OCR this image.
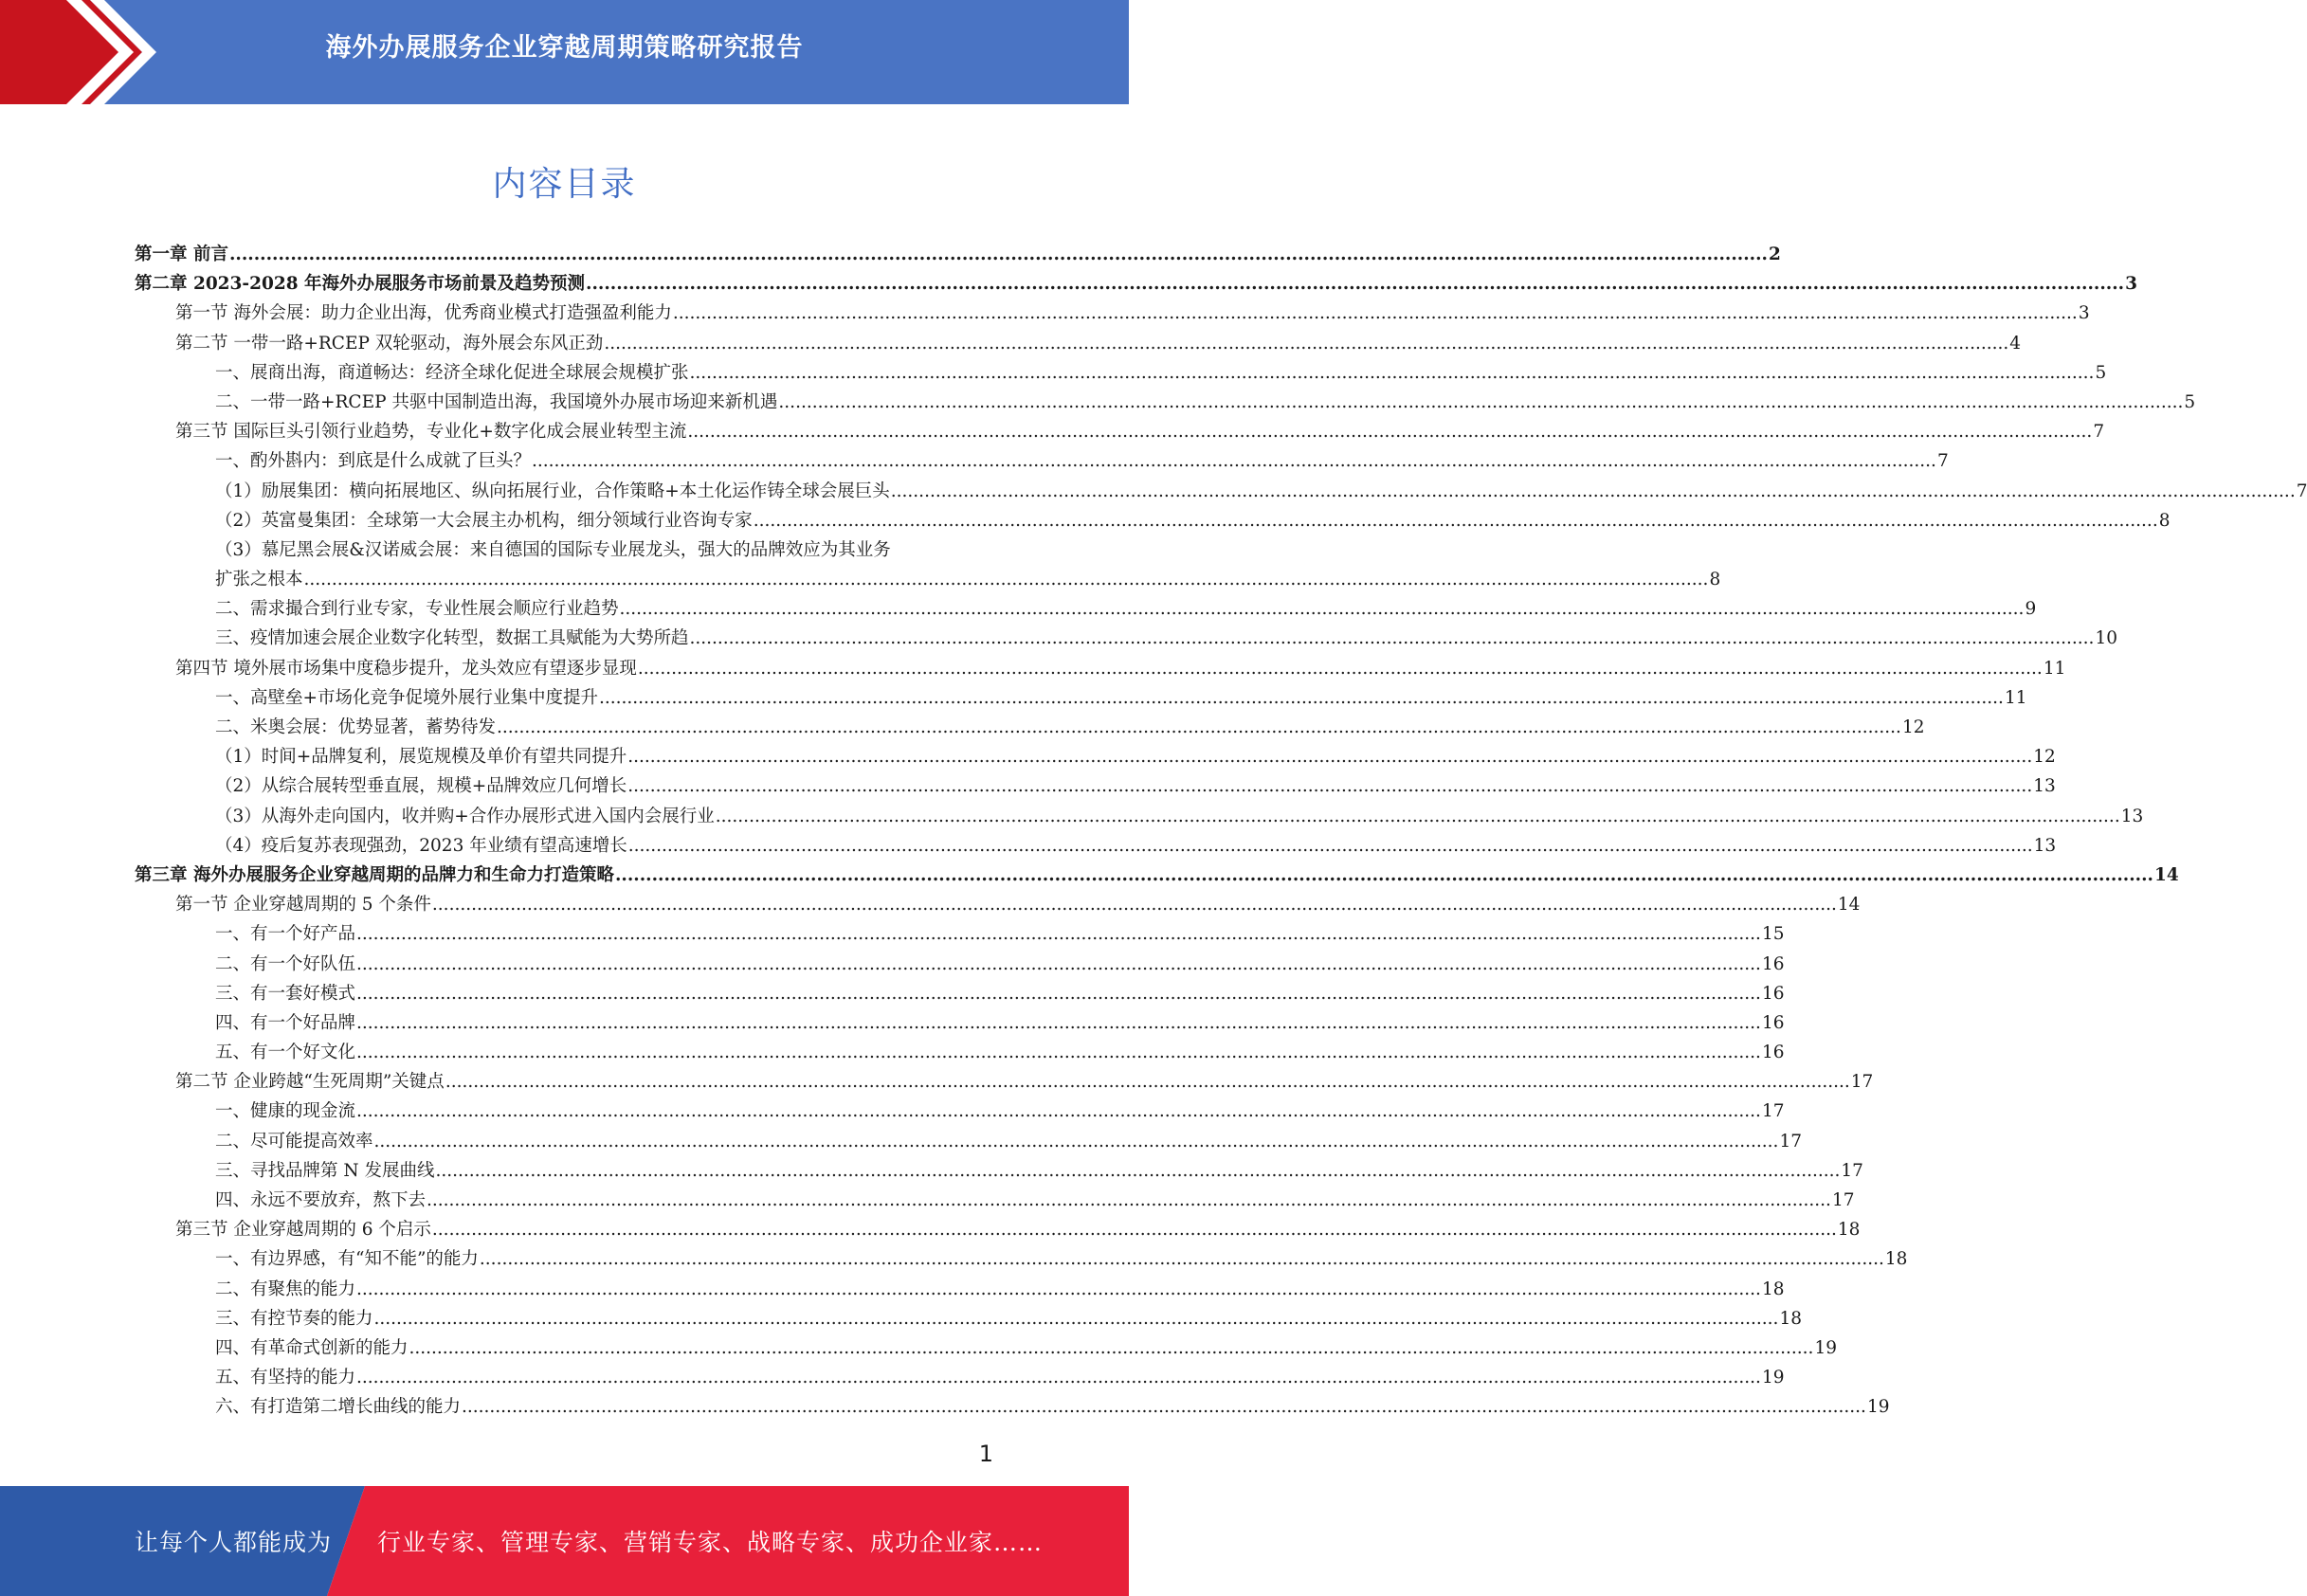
海外办展服务企业穿越周期策略研究报告
内容目录
第一章 前言 .....	2
第二章 2023-2028 年海外办展服务市场前景及趋势预测 .....	3
第一节 海外会展：助力企业出海，优秀商业模式打造强盈利能力 .....	3
第二节 一带一路+RCEP 双轮驱动，海外展会东风正劲 .....	4
一、展商出海，商道畅达：经济全球化促进全球展会规模扩张 .....	5
二、一带一路+RCEP 共驱中国制造出海，我国境外办展市场迎来新机遇 .....	5
第三节 国际巨头引领行业趋势，专业化+数字化成会展业转型主流 .....	7
一、酌外斟内：到底是什么成就了巨头？ .....	7
（1）励展集团：横向拓展地区、纵向拓展行业，合作策略+本土化运作铸全球会展巨头 .....	7
（2）英富曼集团：全球第一大会展主办机构，细分领域行业咨询专家 .....	8
（3）慕尼黑会展&汉诺威会展：来自德国的国际专业展龙头，强大的品牌效应为其业务
扩张之根本 .....	8
二、需求撮合到行业专家，专业性展会顺应行业趋势 .....	9
三、疫情加速会展企业数字化转型，数据工具赋能为大势所趋 .....	10
第四节 境外展市场集中度稳步提升，龙头效应有望逐步显现 .....	11
一、高壁垒+市场化竞争促境外展行业集中度提升 .....	11
二、米奥会展：优势显著，蓄势待发 .....	12
（1）时间+品牌复利，展览规模及单价有望共同提升 .....	12
（2）从综合展转型垂直展，规模+品牌效应几何增长 .....	13
（3）从海外走向国内，收并购+合作办展形式进入国内会展行业 .....	13
（4）疫后复苏表现强劲，2023 年业绩有望高速增长 .....	13
第三章 海外办展服务企业穿越周期的品牌力和生命力打造策略 .....	14
第一节 企业穿越周期的 5 个条件 .....	14
一、有一个好产品 .....	15
二、有一个好队伍 .....	16
三、有一套好模式 .....	16
四、有一个好品牌 .....	16
五、有一个好文化 .....	16
第二节 企业跨越“生死周期”关键点 .....	17
一、健康的现金流 .....	17
二、尽可能提高效率 .....	17
三、寻找品牌第 N 发展曲线 .....	17
四、永远不要放弃，熬下去 .....	17
第三节 企业穿越周期的 6 个启示 .....	18
一、有边界感，有“知不能”的能力 .....	18
二、有聚焦的能力 .....	18
三、有控节奏的能力 .....	18
四、有革命式创新的能力 .....	19
五、有坚持的能力 .....	19
六、有打造第二增长曲线的能力 .....	19
1
让每个人都能成为 行业专家、管理专家、营销专家、战略专家、成功企业家……
